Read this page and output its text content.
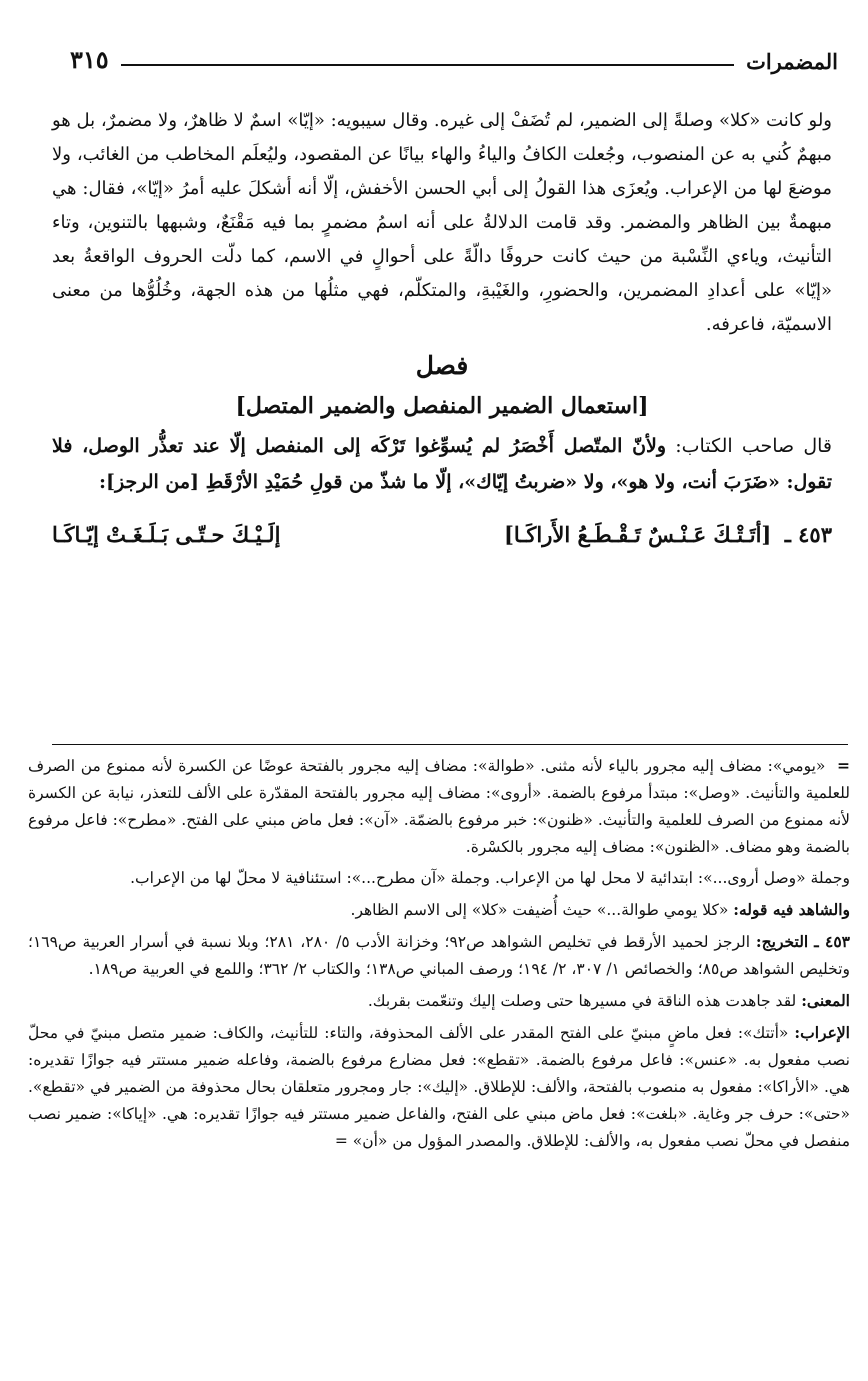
المضمرات
٣١٥

ولو كانت «كلا» وصلةً إلى الضمير، لم تُضَفْ إلى غيره. وقال سيبويه: «إيّا» اسمٌ لا ظاهرٌ، ولا مضمرٌ، بل هو مبهمٌ كُني به عن المنصوب، وجُعلت الكافُ والياءُ والهاء بيانًا عن المقصود، وليُعلَم المخاطب من الغائب، ولا موضعَ لها من الإعراب. ويُعزَى هذا القولُ إلى أبي الحسن الأخفش، إلّا أنه أشكلَ عليه أمرُ «إيّا»، فقال: هي مبهمةٌ بين الظاهر والمضمر. وقد قامت الدلالةُ على أنه اسمُ مضمرٍ بما فيه مَقْنَعٌ، وشبهها بالتنوين، وتاء التأنيث، وياءي النِّسْبة من حيث كانت حروفًا دالّةً على أحوالٍ في الاسم، كما دلّت الحروف الواقعةُ بعد «إيّا» على أعدادِ المضمرين، والحضورِ، والغَيْبةِ، والمتكلّم، فهي مثلُها من هذه الجهة، وخُلُوُّها من معنى الاسميّة، فاعرفه.

فصل

[استعمال الضمير المنفصل والضمير المتصل]

قال صاحب الكتاب: ولأنّ المتّصل أَخْصَرُ لم يُسوِّغوا تَرْكَه إلى المنفصل إلّا عند تعذُّر الوصل، فلا تقول: «ضَرَبَ أنت، ولا هو»، ولا «ضربتُ إيّاك»، إلّا ما شذّ من قولِ حُمَيْدِ الأرْقَطِ [من الرجز]:

٤٥٣ ـ [أتَـتْـكَ عَـنْـسٌ تَـقْـطَـعُ الأَراكَـا]
إلَـيْـكَ حـتّـى بَـلَـغَـتْ إيّـاكَـا

= «يومي»: مضاف إليه مجرور بالياء لأنه مثنى. «طوالة»: مضاف إليه مجرور بالفتحة عوضًا عن الكسرة لأنه ممنوع من الصرف للعلمية والتأنيث. «وصل»: مبتدأ مرفوع بالضمة. «أروى»: مضاف إليه مجرور بالفتحة المقدّرة على الألف للتعذر، نيابة عن الكسرة لأنه ممنوع من الصرف للعلمية والتأنيث. «ظنون»: خبر مرفوع بالضمّة. «آن»: فعل ماض مبني على الفتح. «مطرح»: فاعل مرفوع بالضمة وهو مضاف. «الظنون»: مضاف إليه مجرور بالكسْرة.

وجملة «وصل أروى...»: ابتدائية لا محل لها من الإعراب. وجملة «آن مطرح...»: استئنافية لا محلّ لها من الإعراب.

والشاهد فيه قوله: «كلا يومي طوالة...» حيث أُضيفت «كلا» إلى الاسم الظاهر.

٤٥٣ ـ التخريج: الرجز لحميد الأرقط في تخليص الشواهد ص٩٢؛ وخزانة الأدب ٥/ ٢٨٠، ٢٨١؛ وبلا نسبة في أسرار العربية ص١٦٩؛ وتخليص الشواهد ص٨٥؛ والخصائص ١/ ٣٠٧، ٢/ ١٩٤؛ ورصف المباني ص١٣٨؛ والكتاب ٢/ ٣٦٢؛ واللمع في العربية ص١٨٩.

المعنى: لقد جاهدت هذه الناقة في مسيرها حتى وصلت إليك وتنعّمت بقربك.

الإعراب: «أتتك»: فعل ماضٍ مبنيّ على الفتح المقدر على الألف المحذوفة، والتاء: للتأنيث، والكاف: ضمير متصل مبنيّ في محلّ نصب مفعول به. «عنس»: فاعل مرفوع بالضمة. «تقطع»: فعل مضارع مرفوع بالضمة، وفاعله ضمير مستتر فيه جوازًا تقديره: هي. «الأراكا»: مفعول به منصوب بالفتحة، والألف: للإطلاق. «إليك»: جار ومجرور متعلقان بحال محذوفة من الضمير في «تقطع». «حتى»: حرف جر وغاية. «بلغت»: فعل ماض مبني على الفتح، والفاعل ضمير مستتر فيه جوازًا تقديره: هي. «إياكا»: ضمير نصب منفصل في محلّ نصب مفعول به، والألف: للإطلاق. والمصدر المؤول من «أن» =
